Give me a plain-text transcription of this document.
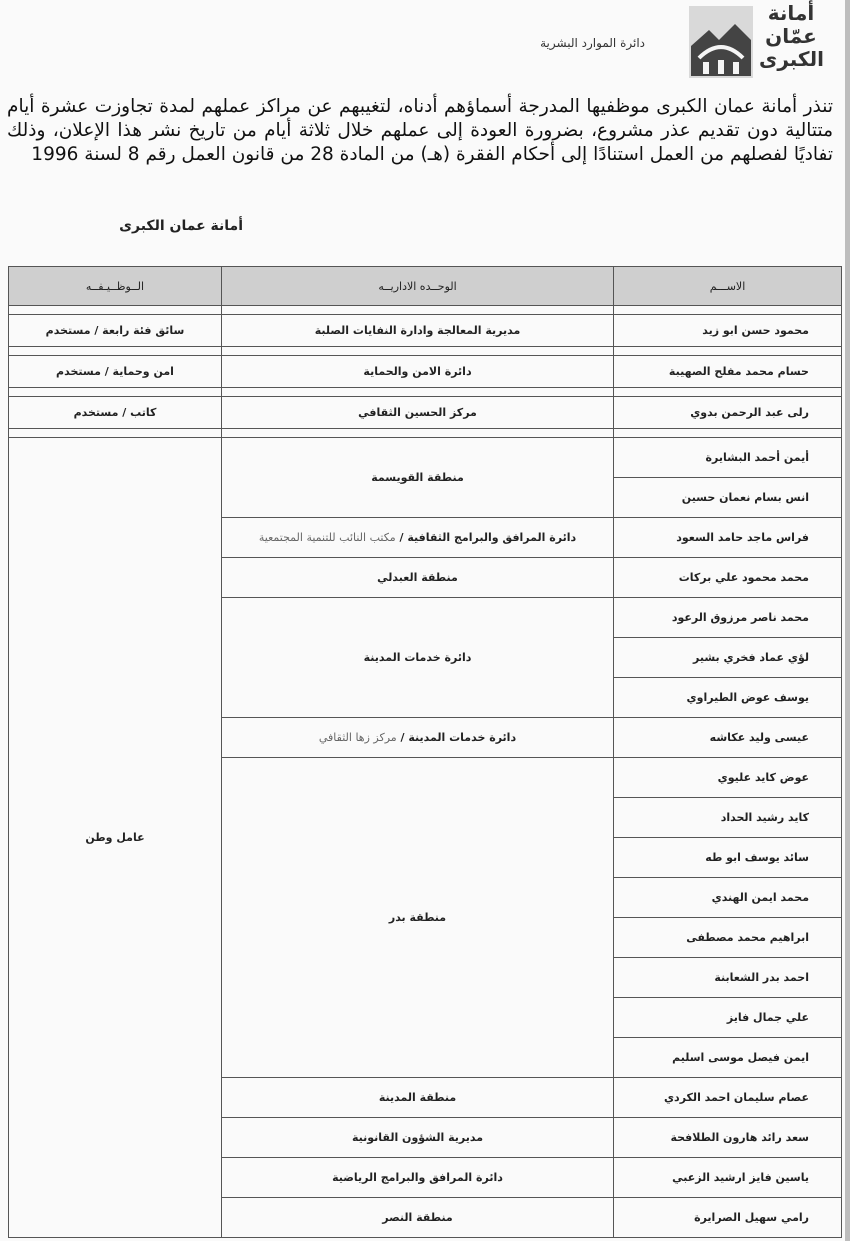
أمانة عمّان الكبرى
دائرة الموارد البشرية
تنذر أمانة عمان الكبرى موظفيها المدرجة أسماؤهم أدناه، لتغيبهم عن مراكز عملهم لمدة تجاوزت عشرة أيام متتالية دون تقديم عذر مشروع، بضرورة العودة إلى عملهم خلال ثلاثة أيام من تاريخ نشر هذا الإعلان، وذلك تفاديًا لفصلهم من العمل استنادًا إلى أحكام الفقرة (هـ) من المادة 28 من قانون العمل رقم 8 لسنة 1996
أمانة عمان الكبرى
الاســـم	الوحــده الاداريــه	الــوظــيـفــه

محمود حسن ابو زيد	مديرية المعالجة وادارة النفايات الصلبة	سائق فئة رابعة / مستخدم

حسام محمد مفلح الصهيبة	دائرة الامن والحماية	امن وحماية / مستخدم

رلى عبد الرحمن بدوي	مركز الحسين الثقافي	كاتب / مستخدم

أيمن أحمد البشايرة	منطقة القويسمة	عامل وطن
انس بسام نعمان حسين		
فراس ماجد حامد السعود	دائرة المرافق والبرامج الثقافية / مكتب النائب للتنمية المجتمعية	
محمد محمود علي بركات	منطقة العبدلي	
محمد ناصر مرزوق الرعود	دائرة خدمات المدينة	
لؤي عماد فخري بشير		
يوسف عوض الطيراوي		
عيسى وليد عكاشه	دائرة خدمات المدينة / مركز زها الثقافي	
عوض كايد عليوي	منطقة بدر	
كايد رشيد الحداد		
سائد يوسف ابو طه		
محمد ايمن الهندي		
ابراهيم محمد مصطفى		
احمد بدر الشعابنة		
علي جمال فايز		
ايمن فيصل موسى اسليم		
عصام سليمان احمد الكردي	منطقة المدينة	
سعد رائد هارون الطلافحة	مديرية الشؤون القانونية	
ياسين فايز ارشيد الزعبي	دائرة المرافق والبرامج الرياضية	
رامي سهيل الصرايرة	منطقة النصر	
